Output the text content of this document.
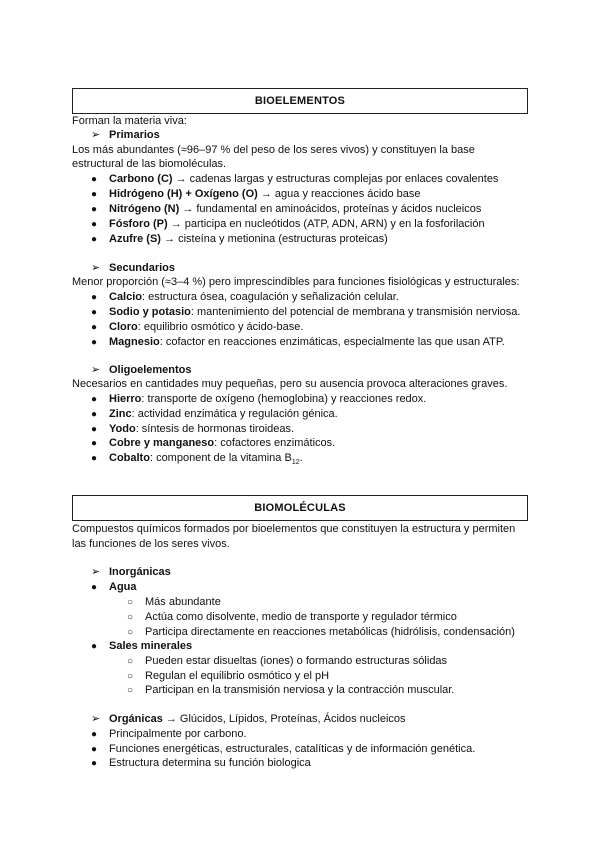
BIOELEMENTOS
Forman la materia viva:
➢ Primarios
Los más abundantes (≈96–97 % del peso de los seres vivos) y constituyen la base
estructural de las biomoléculas.
● Carbono (C) → cadenas largas y estructuras complejas por enlaces covalentes
● Hidrógeno (H) + Oxígeno (O) → agua y reacciones ácido base
● Nitrógeno (N) → fundamental en aminoácidos, proteínas y ácidos nucleicos
● Fósforo (P) → participa en nucleótidos (ATP, ADN, ARN) y en la fosforilación
● Azufre (S) → cisteína y metionina (estructuras proteicas)
➢ Secundarios
Menor proporción (≈3–4 %) pero imprescindibles para funciones fisiológicas y estructurales:
● Calcio: estructura ósea, coagulación y señalización celular.
● Sodio y potasio: mantenimiento del potencial de membrana y transmisión nerviosa.
● Cloro: equilibrio osmótico y ácido-base.
● Magnesio: cofactor en reacciones enzimáticas, especialmente las que usan ATP.
➢ Oligoelementos
Necesarios en cantidades muy pequeñas, pero su ausencia provoca alteraciones graves.
● Hierro: transporte de oxígeno (hemoglobina) y reacciones redox.
● Zinc: actividad enzimática y regulación génica.
● Yodo: síntesis de hormonas tiroideas.
● Cobre y manganeso: cofactores enzimáticos.
● Cobalto: component de la vitamina $B_{12}$.
BIOMOLÉCULAS
Compuestos químicos formados por bioelementos que constituyen la estructura y permiten
las funciones de los seres vivos.
➢ Inorgánicas
● Agua
○ Más abundante
○ Actúa como disolvente, medio de transporte y regulador térmico
○ Participa directamente en reacciones metabólicas (hidrólisis, condensación)
● Sales minerales
○ Pueden estar disueltas (iones) o formando estructuras sólidas
○ Regulan el equilibrio osmótico y el pH
○ Participan en la transmisión nerviosa y la contracción muscular.
➢ Orgánicas → Glúcidos, Lípidos, Proteínas, Ácidos nucleicos
● Principalmente por carbono.
● Funciones energéticas, estructurales, catalíticas y de información genética.
● Estructura determina su función biologica
